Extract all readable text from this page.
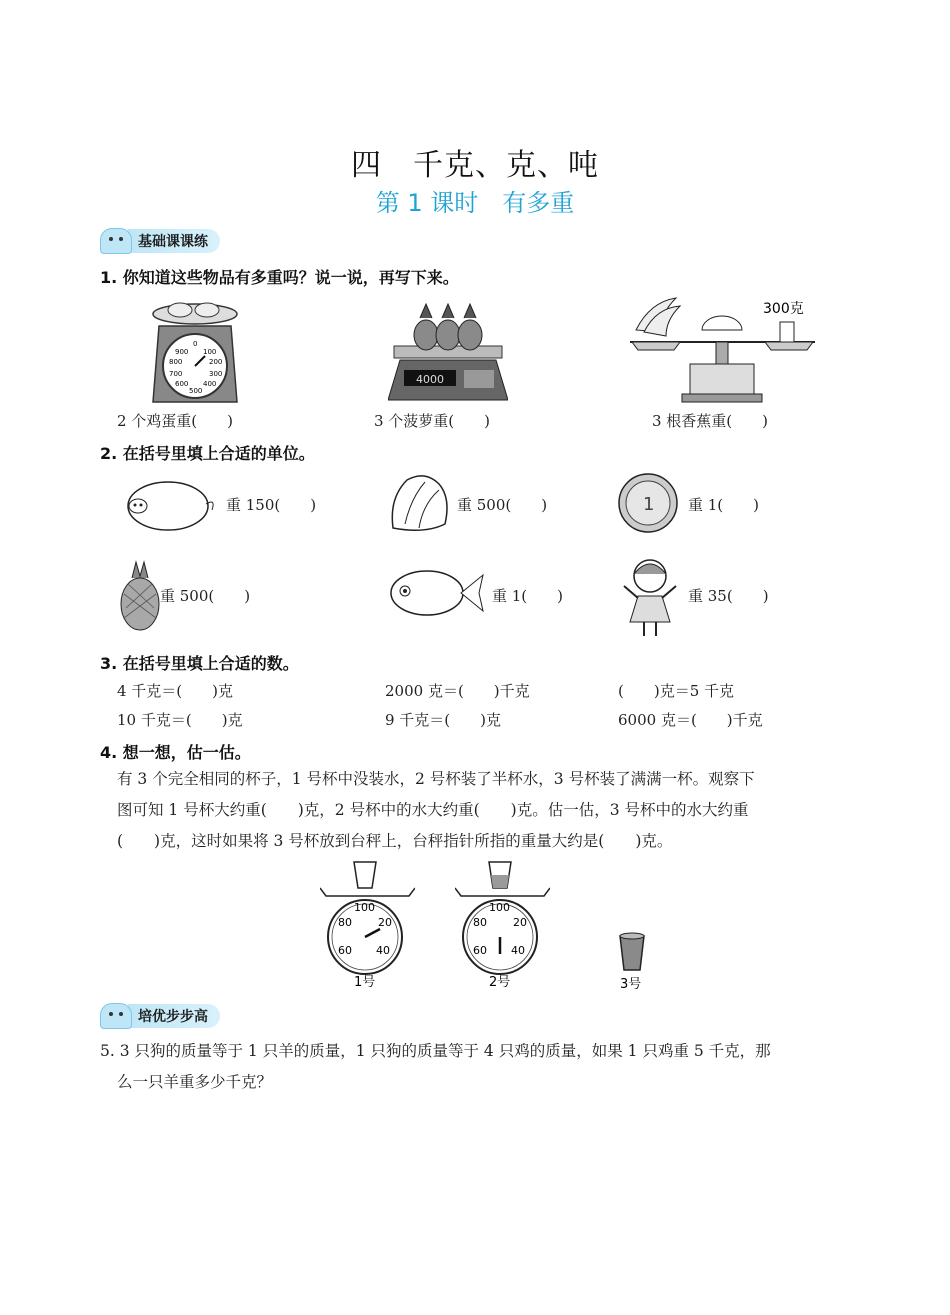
四　千克、克、吨
第 1 课时　有多重
基础课课练
1. 你知道这些物品有多重吗？说一说，再写下来。
900
0
100
800	200
700	300
600 400
500
2 个鸡蛋重(　　)
4000
3 个菠萝重(　　)
300克
3 根香蕉重(　　)
2. 在括号里填上合适的单位。
重 150(　　)	重 500(　　)	1 重 1(　　)
重 500(　　)	重 1(　　)	重 35(　　)
3. 在括号里填上合适的数。
4 千克＝(　　)克	2000 克＝(　　)千克	(　　)克＝5 千克
10 千克＝(　　)克	9 千克＝(　　)克	6000 克＝(　　)千克
4. 想一想，估一估。
有 3 个完全相同的杯子，1 号杯中没装水，2 号杯装了半杯水，3 号杯装了满满一杯。观察下
图可知 1 号杯大约重(　　)克，2 号杯中的水大约重(　　)克。估一估，3 号杯中的水大约重
(　　)克，这时如果将 3 号杯放到台秤上，台秤指针所指的重量大约是(　　)克。
100
80 20
60 40
1号
100
80 20
60 40
2号	3号
培优步步高
5. 3 只狗的质量等于 1 只羊的质量，1 只狗的质量等于 4 只鸡的质量，如果 1 只鸡重 5 千克，那
么一只羊重多少千克？
